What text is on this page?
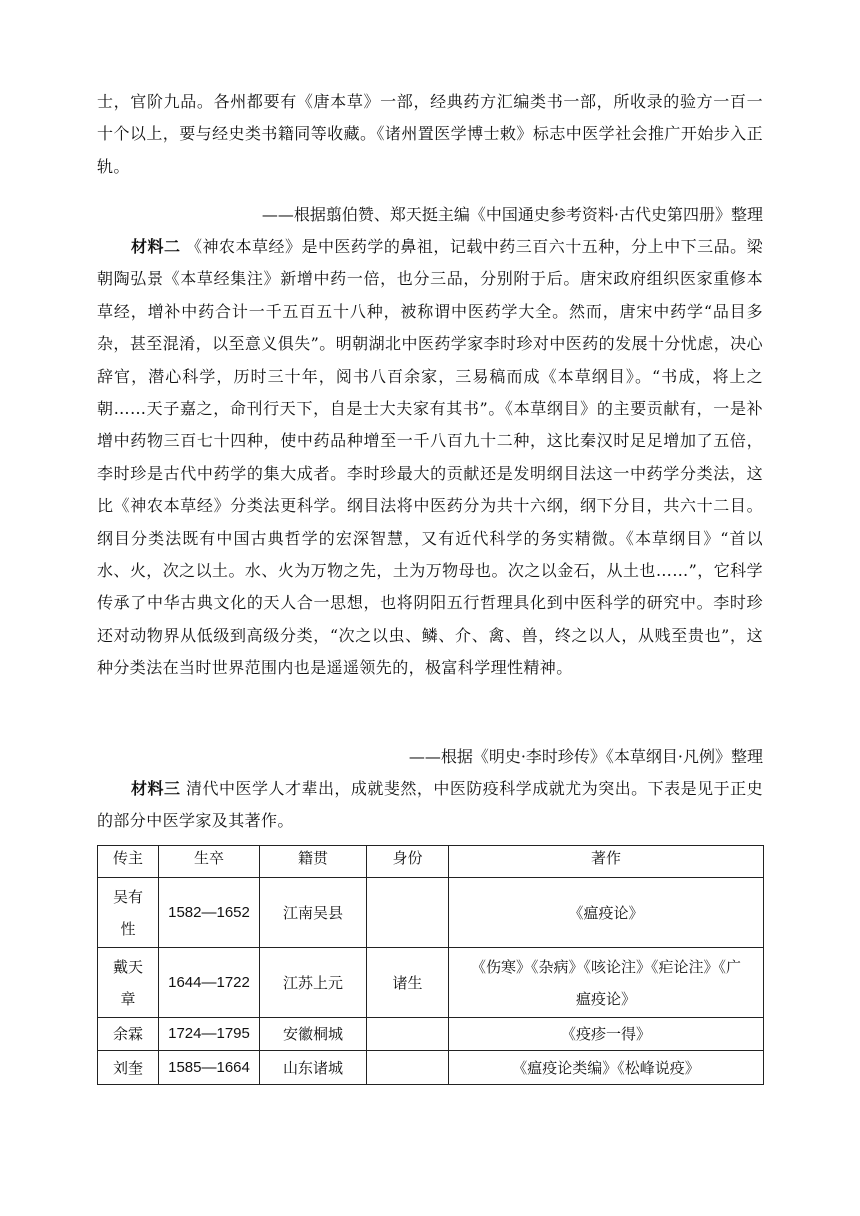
士，官阶九品。各州都要有《唐本草》一部，经典药方汇编类书一部，所收录的验方一百一十个以上，要与经史类书籍同等收藏。《诸州置医学博士敕》标志中医学社会推广开始步入正轨。

——根据翦伯赞、郑天挺主编《中国通史参考资料·古代史第四册》整理

材料二 《神农本草经》是中医药学的鼻祖，记载中药三百六十五种，分上中下三品。梁朝陶弘景《本草经集注》新增中药一倍，也分三品，分别附于后。唐宋政府组织医家重修本草经，增补中药合计一千五百五十八种，被称谓中医药学大全。然而，唐宋中药学“品目多杂，甚至混淆，以至意义俱失”。明朝湖北中医药学家李时珍对中医药的发展十分忧虑，决心辞官，潜心科学，历时三十年，阅书八百余家，三易稿而成《本草纲目》。“书成，将上之朝……天子嘉之，命刊行天下，自是士大夫家有其书”。《本草纲目》的主要贡献有，一是补增中药物三百七十四种，使中药品种增至一千八百九十二种，这比秦汉时足足增加了五倍，李时珍是古代中药学的集大成者。李时珍最大的贡献还是发明纲目法这一中药学分类法，这比《神农本草经》分类法更科学。纲目法将中医药分为共十六纲，纲下分目，共六十二目。纲目分类法既有中国古典哲学的宏深智慧，又有近代科学的务实精微。《本草纲目》“首以水、火，次之以土。水、火为万物之先，土为万物母也。次之以金石，从土也……”，它科学传承了中华古典文化的天人合一思想，也将阴阳五行哲理具化到中医科学的研究中。李时珍还对动物界从低级到高级分类，“次之以虫、鳞、介、禽、兽，终之以人，从贱至贵也”，这种分类法在当时世界范围内也是遥遥领先的，极富科学理性精神。

——根据《明史·李时珍传》《本草纲目·凡例》整理

材料三 清代中医学人才辈出，成就斐然，中医防疫科学成就尤为突出。下表是见于正史的部分中医学家及其著作。

传主	生卒	籍贯	身份	著作
吴有性	1582—1652	江南吴县		《瘟疫论》
戴天章	1644—1722	江苏上元	诸生	《伤寒》《杂病》《咳论注》《疟论注》《广瘟疫论》
余霖	1724—1795	安徽桐城		《疫疹一得》
刘奎	1585—1664	山东诸城		《瘟疫论类编》《松峰说疫》
